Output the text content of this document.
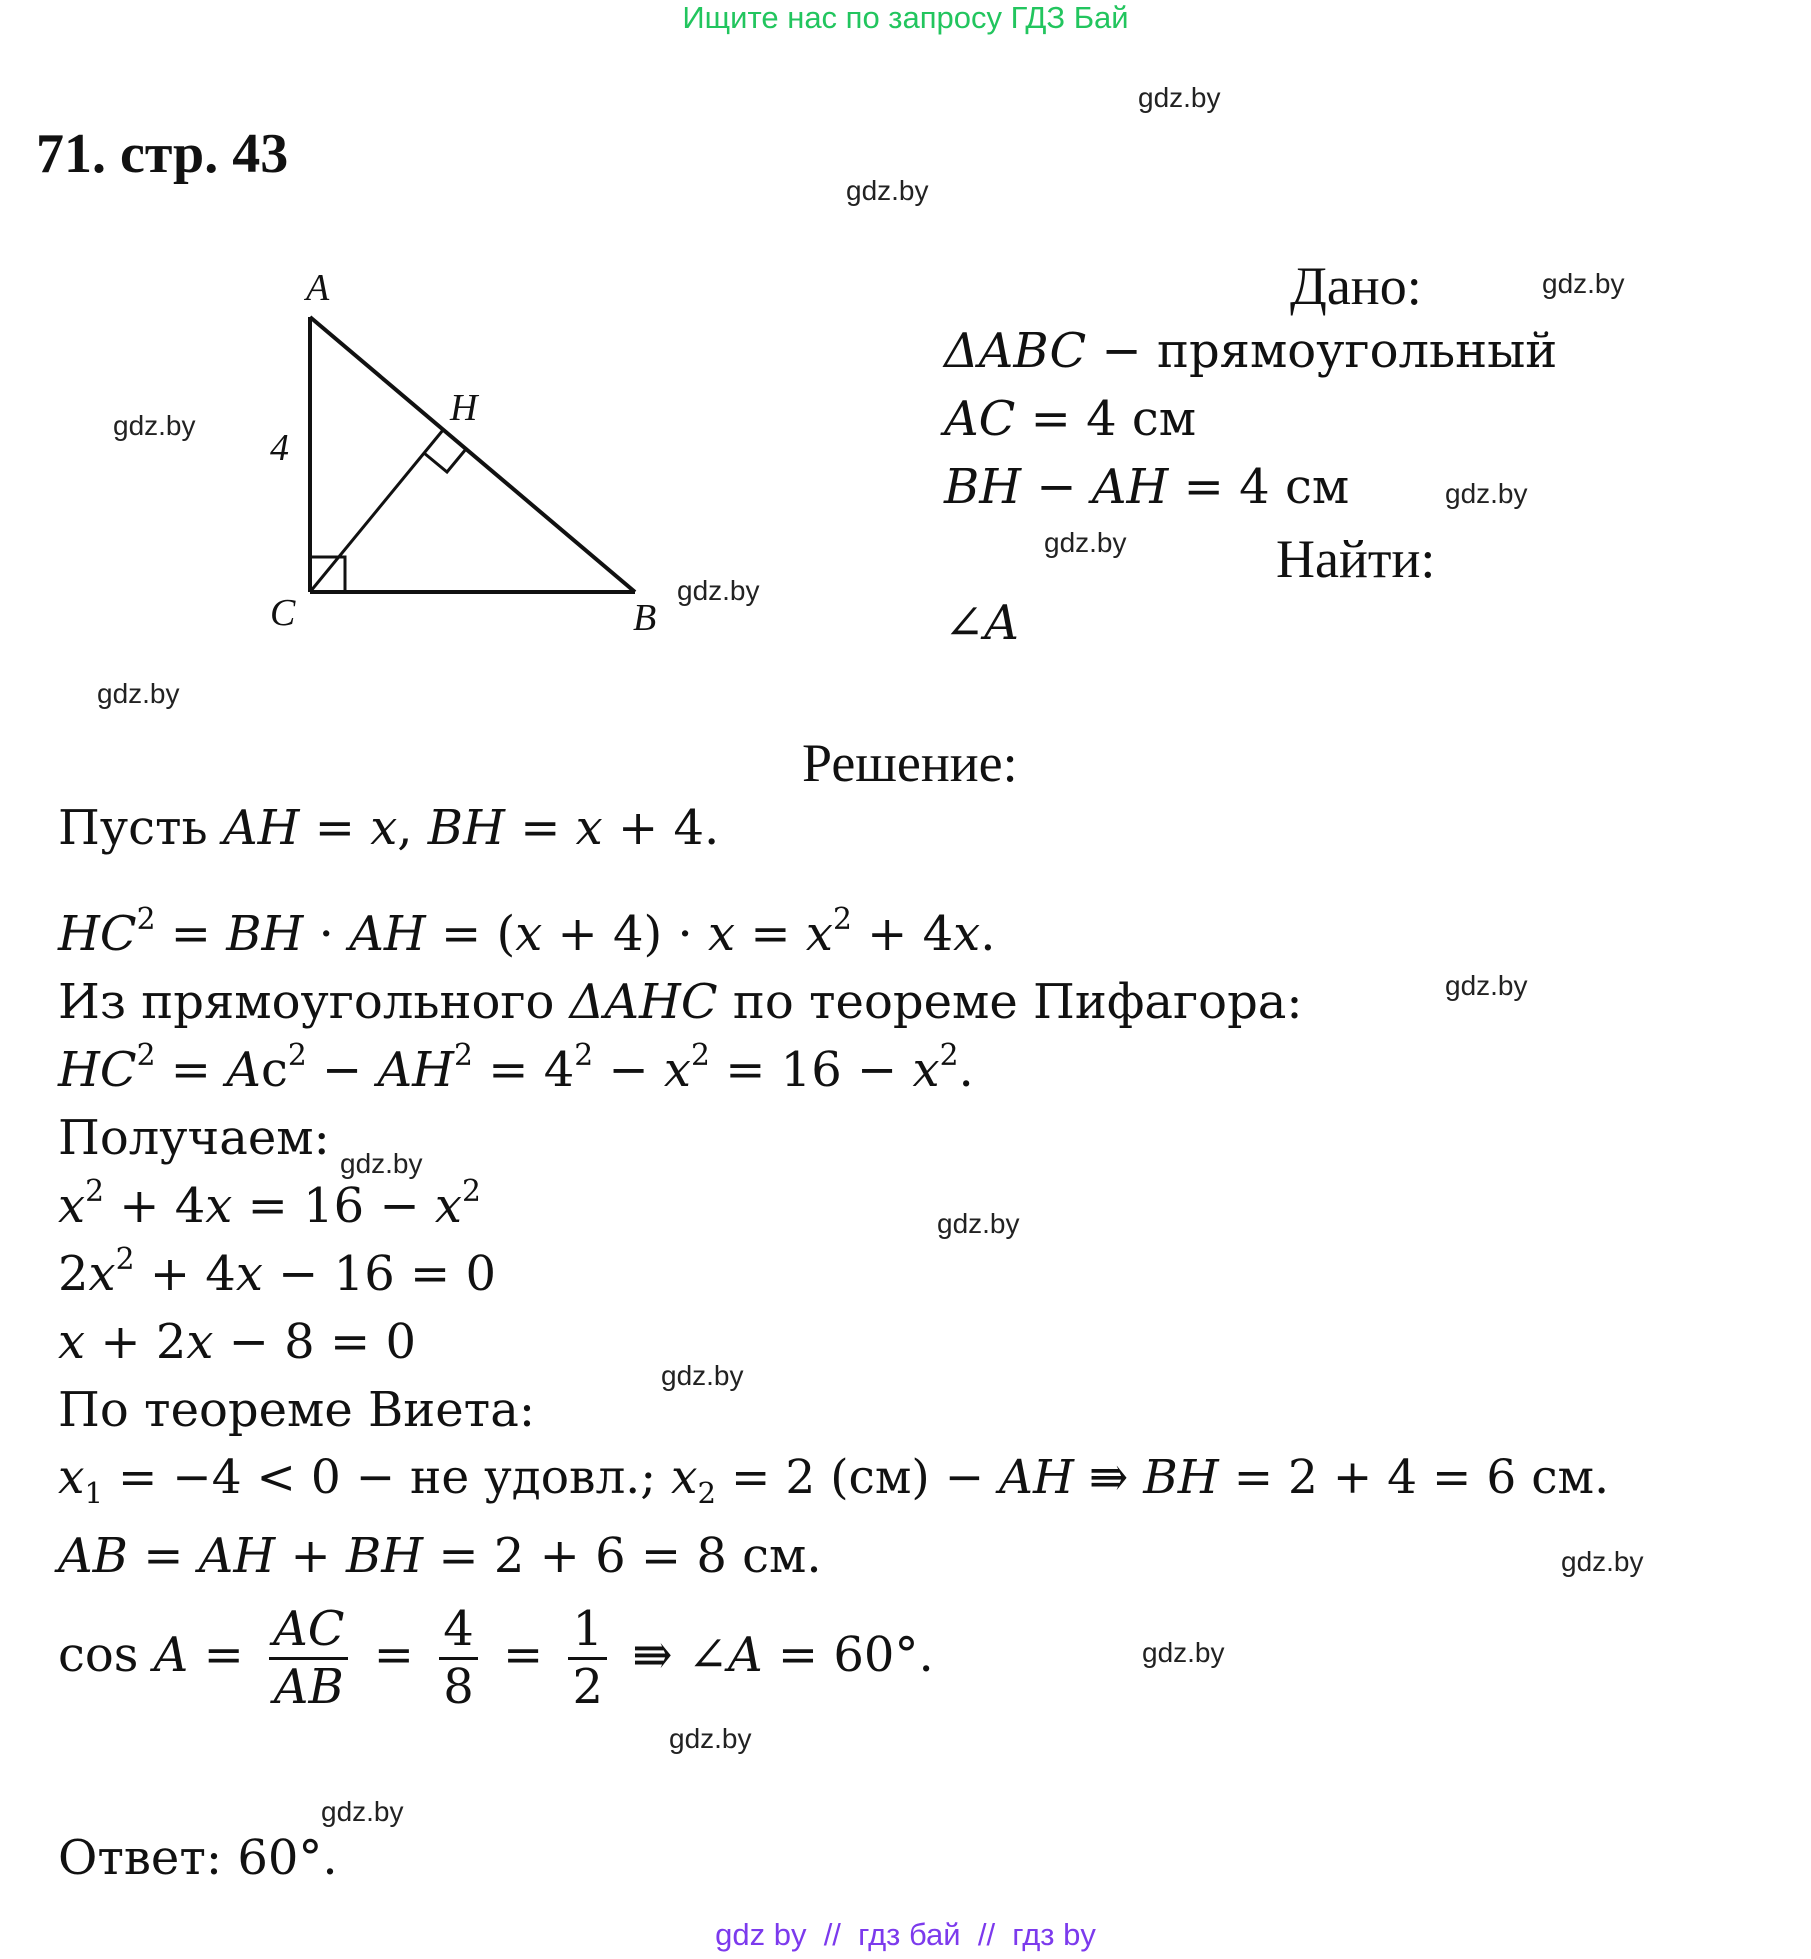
Ищите нас по запросу ГДЗ Бай
gdz.by
gdz.by
gdz.by
gdz.by
gdz.by
gdz.by
gdz.by
gdz.by
gdz.by
gdz.by
gdz.by
gdz.by
gdz.by
gdz.by
gdz.by
gdz.by
71. стр. 43
A
B
C
H
4
Дано:
ΔABC − прямоугольный
AC = 4 см
BH − AH = 4 см
Найти:
∠A
Решение:
Пусть AH = x, BH = x + 4.
$HC^2$ = BH · AH = $(x + 4) \cdot x = x^2 + 4x$.
Из прямоугольного ΔAHC по теореме Пифагора:
$HC^2 = Aс^2 - AH^2 = 4^2 - x^2 = 16 - x^2$.
Получаем:
$x^2 + 4x = 16 - x^2$
$2x^2 + 4x - 16 = 0$
x + 2x − 8 = 0
По теореме Виета:
$x_1 = -4 < 0$ − не удовл.; $x_2 = 2$ (см) − AH ⇛ BH = 2 + 4 = 6 см.
AB = AH + BH = 2 + 6 = 8 см.
$\cos A = \frac{AC}{AB} = \frac{4}{8} = \frac{1}{2}$ ⇛ ∠A = 60°.
Ответ: 60°.
gdz by // гдз бай // гдз by
